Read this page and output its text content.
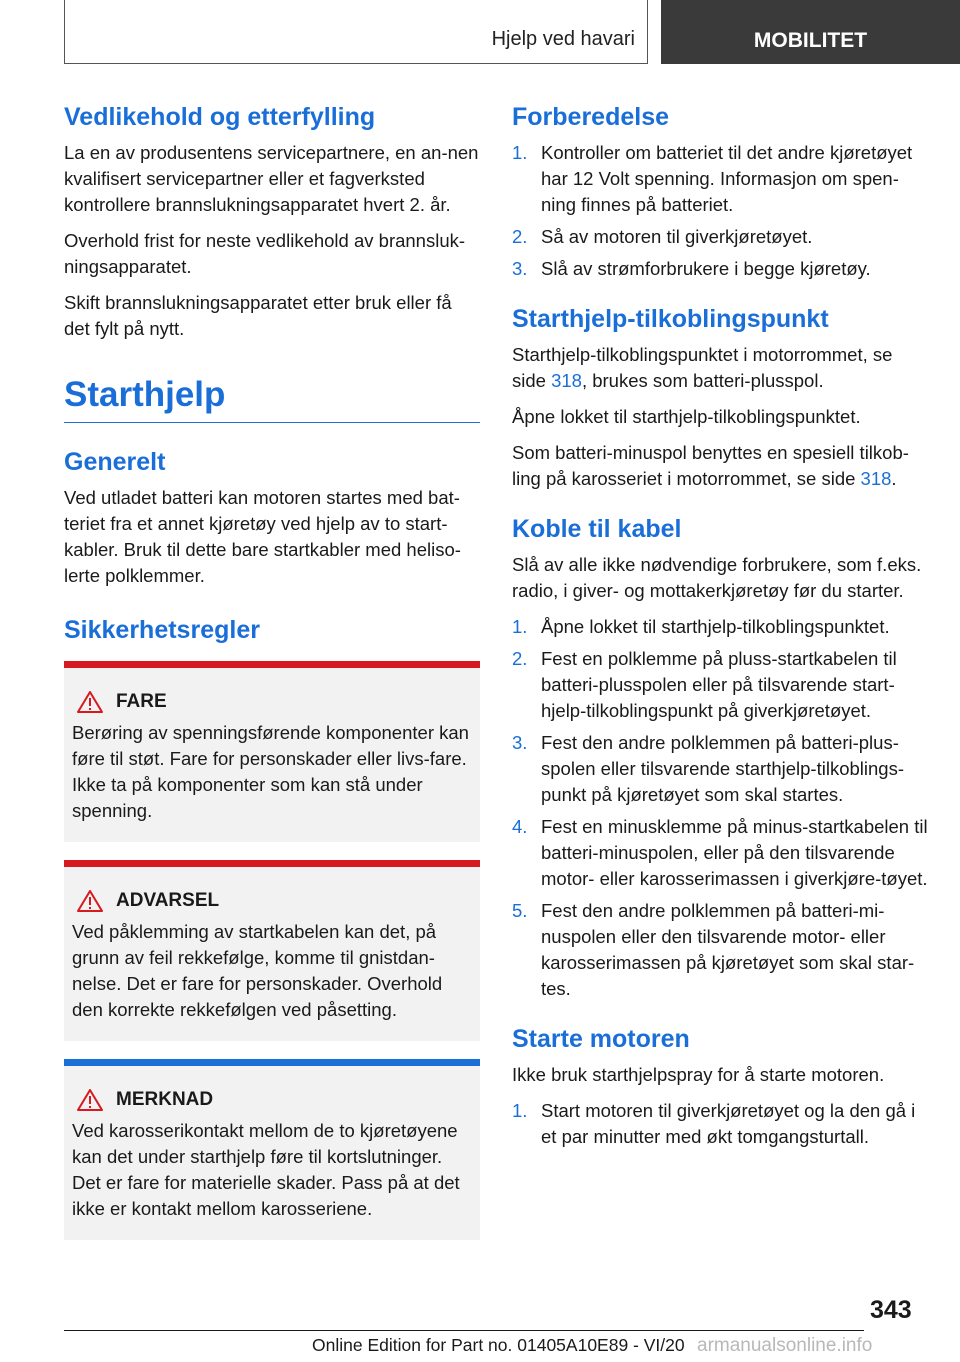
Hjelp ved havari	MOBILITET
Vedlikehold og etterfylling

La en av produsentens servicepartnere, en an-nen kvalifisert servicepartner eller et fagverksted kontrollere brannslukningsapparatet hvert 2. år.

Overhold frist for neste vedlikehold av brannsluk-ningsapparatet.

Skift brannslukningsapparatet etter bruk eller få det fylt på nytt.

Starthjelp
Generelt

Ved utladet batteri kan motoren startes med bat-teriet fra et annet kjøretøy ved hjelp av to start-kabler. Bruk til dette bare startkabler med heliso-lerte polklemmer.

Sikkerhetsregler
FARE

Berøring av spenningsførende komponenter kan føre til støt. Fare for personskader eller livs-fare. Ikke ta på komponenter som kan stå under spenning.

ADVARSEL

Ved påklemming av startkabelen kan det, på grunn av feil rekkefølge, komme til gnistdan-nelse. Det er fare for personskader. Overhold den korrekte rekkefølgen ved påsetting.

MERKNAD

Ved karosserikontakt mellom de to kjøretøyene kan det under starthjelp føre til kortslutninger. Det er fare for materielle skader. Pass på at det ikke er kontakt mellom karosseriene.

Forberedelse
1. Kontroller om batteriet til det andre kjøretøyet har 12 Volt spenning. Informasjon om spen-ning finnes på batteriet.
2. Så av motoren til giverkjøretøyet.
3. Slå av strømforbrukere i begge kjøretøy.
Starthjelp-tilkoblingspunkt

Starthjelp-tilkoblingspunktet i motorrommet, se side 318, brukes som batteri-plusspol.

Åpne lokket til starthjelp-tilkoblingspunktet.

Som batteri-minuspol benyttes en spesiell tilkob-ling på karosseriet i motorrommet, se side 318.

Koble til kabel

Slå av alle ikke nødvendige forbrukere, som f.eks. radio, i giver- og mottakerkjøretøy før du starter.

1. Åpne lokket til starthjelp-tilkoblingspunktet.
2. Fest en polklemme på pluss-startkabelen til batteri-plusspolen eller på tilsvarende start-hjelp-tilkoblingspunkt på giverkjøretøyet.
3. Fest den andre polklemmen på batteri-plus-spolen eller tilsvarende starthjelp-tilkoblings-punkt på kjøretøyet som skal startes.
4. Fest en minusklemme på minus-startkabelen til batteri-minuspolen, eller på den tilsvarende motor- eller karosserimassen i giverkjøre-tøyet.
5. Fest den andre polklemmen på batteri-mi-nuspolen eller den tilsvarende motor- eller karosserimassen på kjøretøyet som skal star-tes.
Starte motoren

Ikke bruk starthjelpspray for å starte motoren.

1. Start motoren til giverkjøretøyet og la den gå i et par minutter med økt tomgangsturtall.
343
Online Edition for Part no. 01405A10E89 - VI/20 armanualsonline.info
